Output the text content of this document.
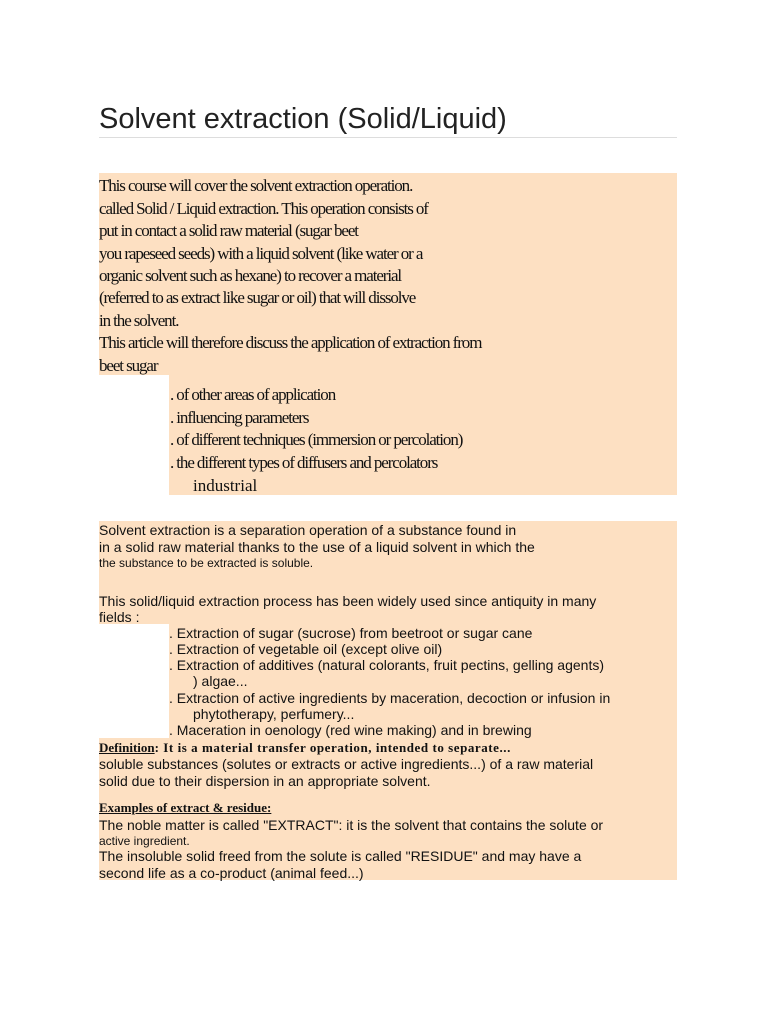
Solvent extraction (Solid/Liquid)
This course will cover the solvent extraction operation.
called Solid / Liquid extraction. This operation consists of
put in contact a solid raw material (sugar beet
you rapeseed seeds) with a liquid solvent (like water or a
organic solvent such as hexane) to recover a material
(referred to as extract like sugar or oil) that will dissolve
in the solvent.
This article will therefore discuss the application of extraction from
beet sugar
. of other areas of application
. influencing parameters
. of different techniques (immersion or percolation)
. the different types of diffusers and percolators
industrial
Solvent extraction is a separation operation of a substance found in
in a solid raw material thanks to the use of a liquid solvent in which the
the substance to be extracted is soluble.
This solid/liquid extraction process has been widely used since antiquity in many
fields :
. Extraction of sugar (sucrose) from beetroot or sugar cane
. Extraction of vegetable oil (except olive oil)
. Extraction of additives (natural colorants, fruit pectins, gelling agents)
) algae...
. Extraction of active ingredients by maceration, decoction or infusion in
phytotherapy, perfumery...
. Maceration in oenology (red wine making) and in brewing
Definition: It is a material transfer operation, intended to separate...
soluble substances (solutes or extracts or active ingredients...) of a raw material
solid due to their dispersion in an appropriate solvent.
Examples of extract & residue:
The noble matter is called "EXTRACT": it is the solvent that contains the solute or
active ingredient.
The insoluble solid freed from the solute is called "RESIDUE" and may have a
second life as a co-product (animal feed...)
